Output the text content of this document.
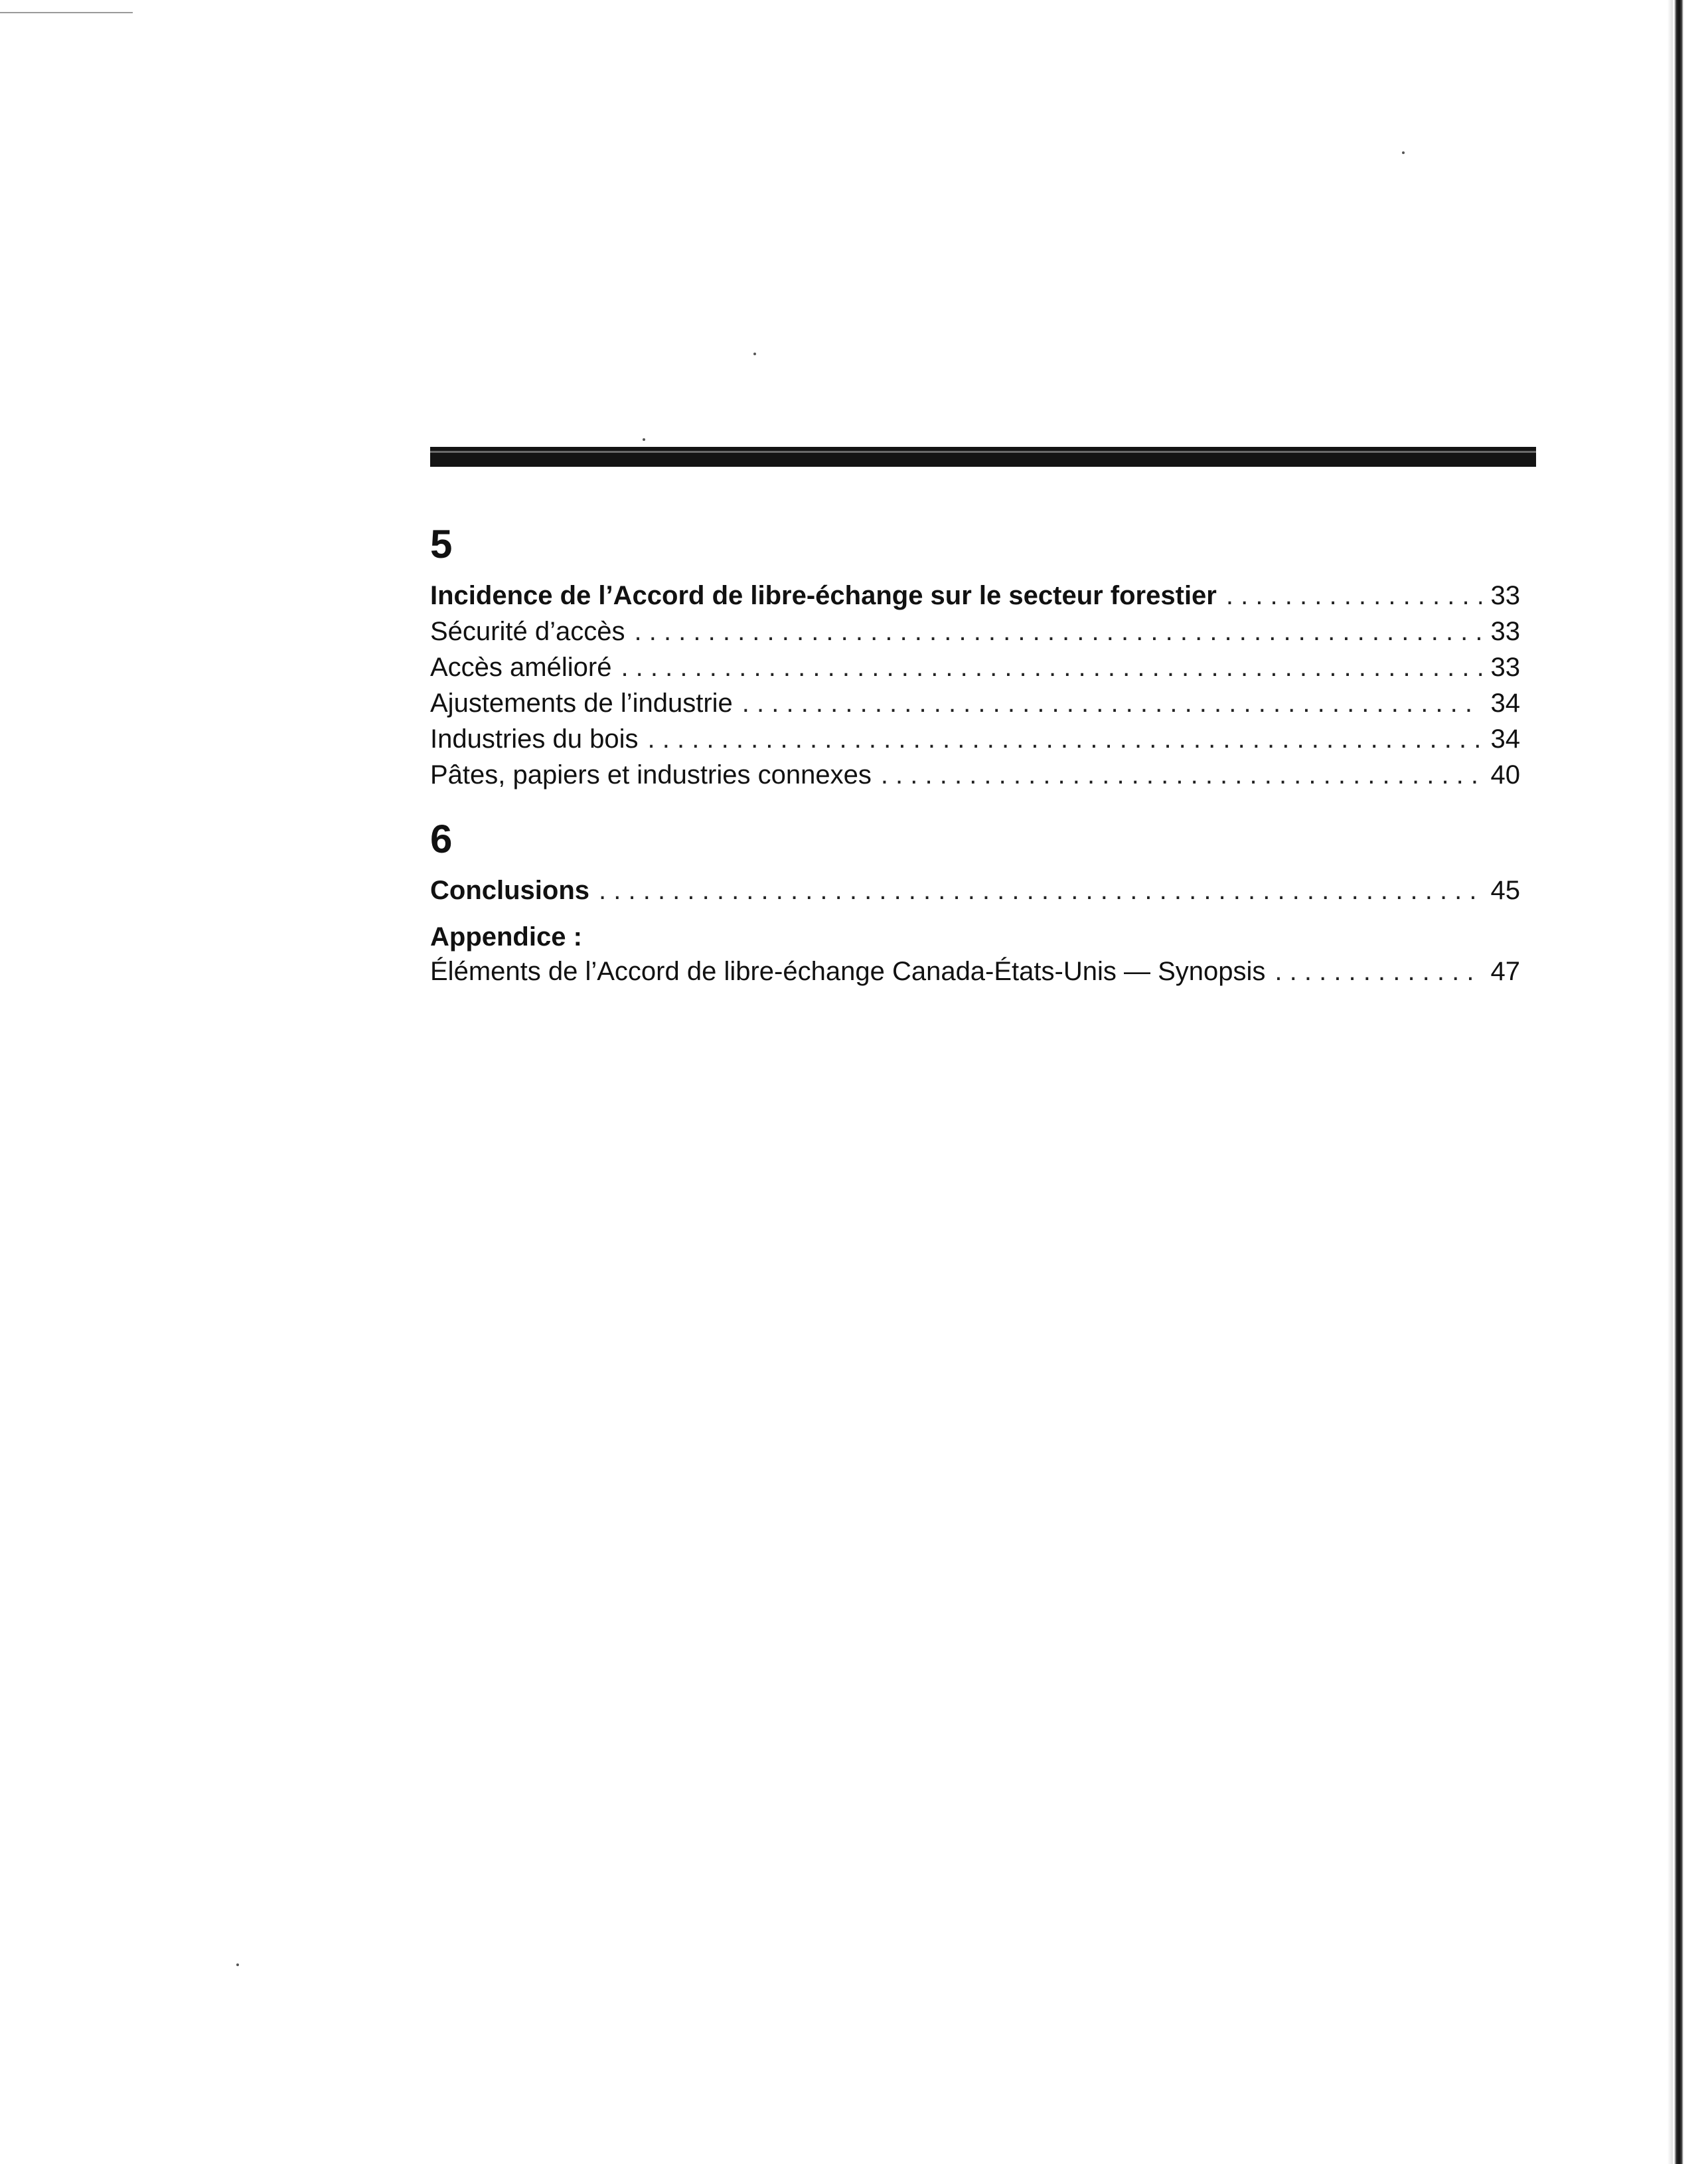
5
Incidence de l’Accord de libre-échange sur le secteur forestier . . .	33
Sécurité d’accès . . .	33
Accès amélioré . . .	33
Ajustements de l’industrie . . .	34
Industries du bois . . .	34
Pâtes, papiers et industries connexes . . .	40
6
Conclusions . . .	45
Appendice :
Éléments de l’Accord de libre-échange Canada-États-Unis — Synopsis . . .	47
